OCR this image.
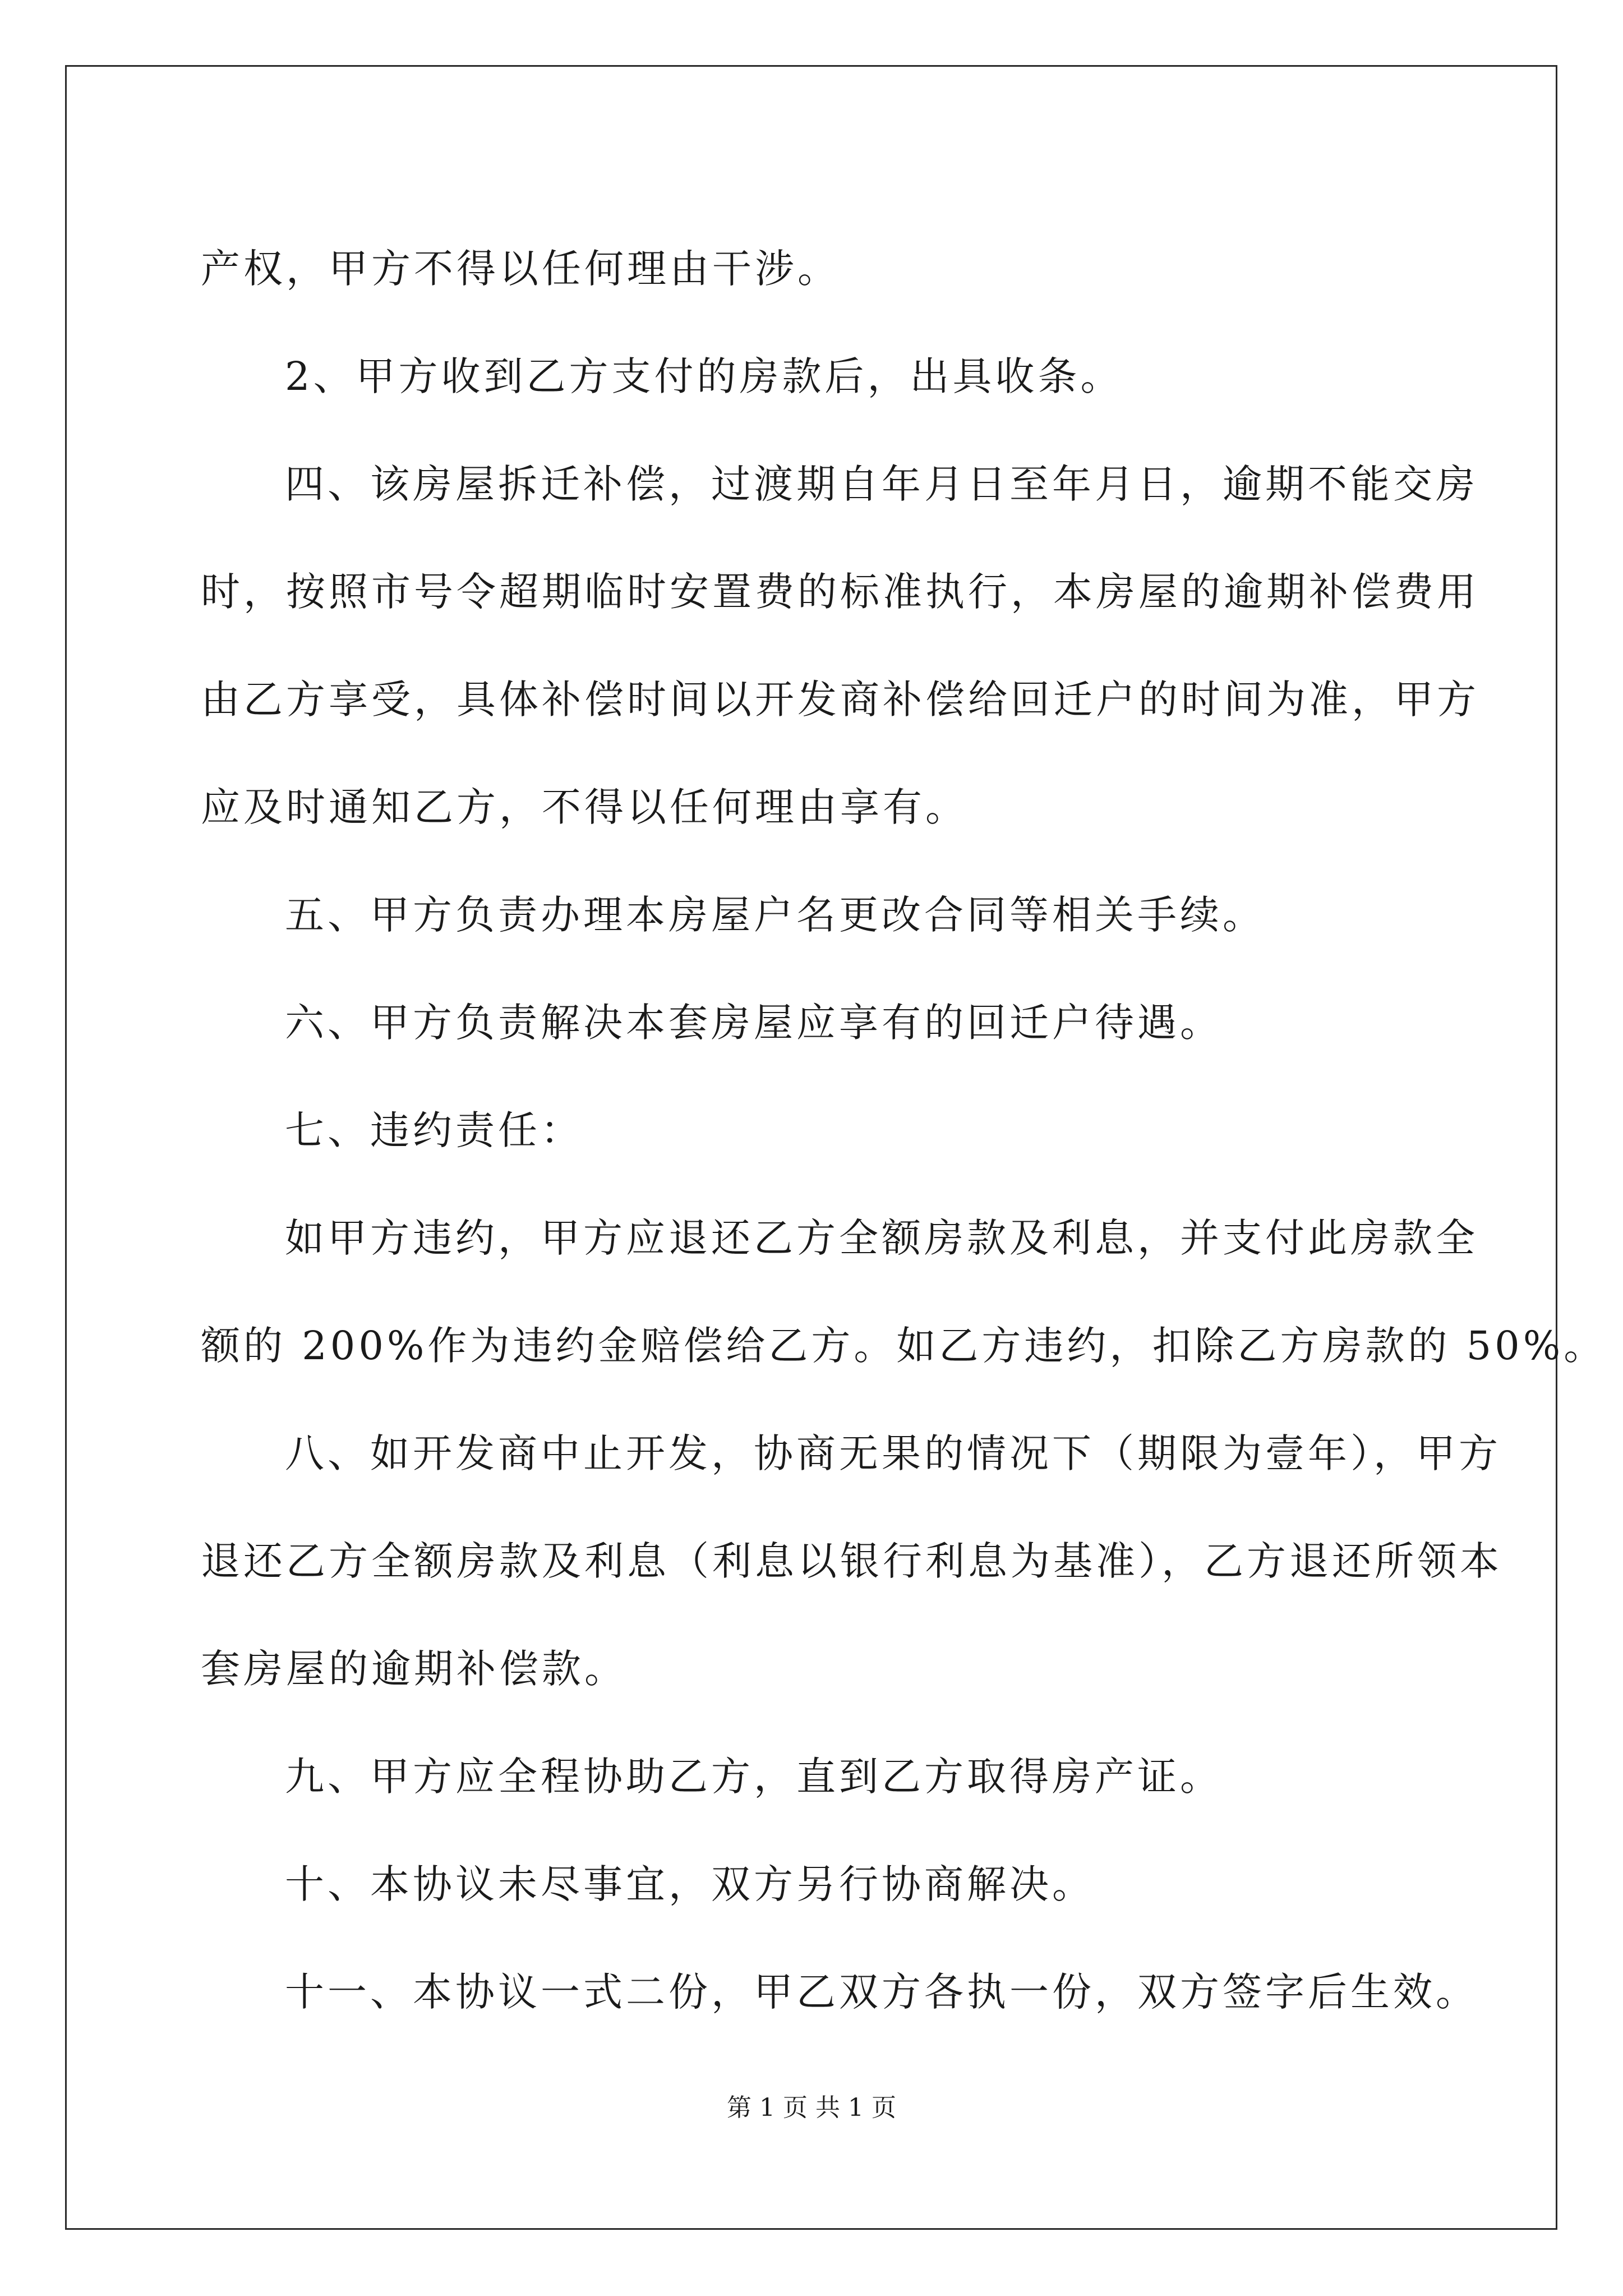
产权，甲方不得以任何理由干涉。

2、甲方收到乙方支付的房款后，出具收条。

四、该房屋拆迁补偿，过渡期自年月日至年月日，逾期不能交房

时，按照市号令超期临时安置费的标准执行，本房屋的逾期补偿费用

由乙方享受，具体补偿时间以开发商补偿给回迁户的时间为准，甲方

应及时通知乙方，不得以任何理由享有。

五、甲方负责办理本房屋户名更改合同等相关手续。

六、甲方负责解决本套房屋应享有的回迁户待遇。

七、违约责任：

如甲方违约，甲方应退还乙方全额房款及利息，并支付此房款全

额的 200%作为违约金赔偿给乙方。如乙方违约，扣除乙方房款的 50%。

八、如开发商中止开发，协商无果的情况下（期限为壹年），甲方

退还乙方全额房款及利息（利息以银行利息为基准），乙方退还所领本

套房屋的逾期补偿款。

九、甲方应全程协助乙方，直到乙方取得房产证。

十、本协议未尽事宜，双方另行协商解决。

十一、本协议一式二份，甲乙双方各执一份，双方签字后生效。

第 1 页 共 1 页
